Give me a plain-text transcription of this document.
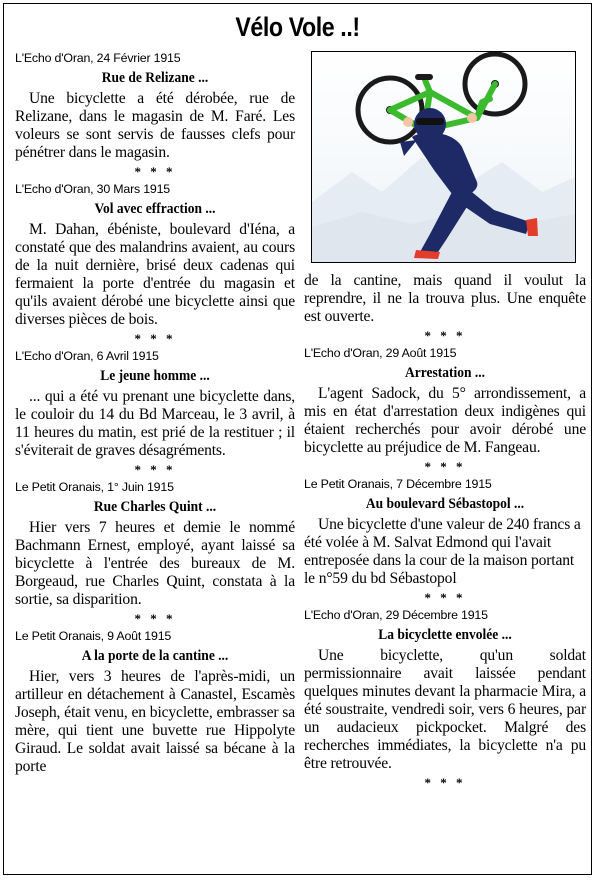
Vélo Vole ..!

L'Echo d'Oran, 24 Février 1915

Rue de Relizane ...

Une bicyclette a été dérobée, rue de Relizane, dans le magasin de M. Faré. Les voleurs se sont servis de fausses clefs pour pénétrer dans le magasin.

* * *

L'Echo d'Oran, 30 Mars 1915

Vol avec effraction ...

M. Dahan, ébéniste, boulevard d'Iéna, a constaté que des malandrins avaient, au cours de la nuit dernière, brisé deux cadenas qui fermaient la porte d'entrée du magasin et qu'ils avaient dérobé une bicyclette ainsi que diverses pièces de bois.

* * *

L'Echo d'Oran, 6 Avril 1915

Le jeune homme ...

... qui a été vu prenant une bicyclette dans, le couloir du 14 du Bd Marceau, le 3 avril, à 11 heures du matin, est prié de la restituer ; il s'éviterait de graves désagréments.

* * *

Le Petit Oranais, 1° Juin 1915

Rue Charles Quint ...

Hier vers 7 heures et demie le nommé Bachmann Ernest, employé, ayant laissé sa bicyclette à l'entrée des bureaux de M. Borgeaud, rue Charles Quint, constata à la sortie, sa disparition.

* * *

Le Petit Oranais, 9 Août 1915

A la porte de la cantine ...

Hier, vers 3 heures de l'après-midi, un artilleur en détachement à Canastel, Escamès Joseph, était venu, en bicyclette, embrasser sa mère, qui tient une buvette rue Hippolyte Giraud. Le soldat avait laissé sa bécane à la porte

de la cantine, mais quand il voulut la reprendre, il ne la trouva plus. Une enquête est ouverte.

* * *

L'Echo d'Oran, 29 Août 1915

Arrestation ...

L'agent Sadock, du 5° arrondissement, a mis en état d'arrestation deux indigènes qui étaient recherchés pour avoir dérobé une bicyclette au préjudice de M. Fangeau.

* * *

Le Petit Oranais, 7 Décembre 1915

Au boulevard Sébastopol ...

Une bicyclette d'une valeur de 240 francs a été volée à M. Salvat Edmond qui l'avait entreposée dans la cour de la maison portant le n°59 du bd Sébastopol

* * *

L'Echo d'Oran, 29 Décembre 1915

La bicyclette envolée ...

Une bicyclette, qu'un soldat permissionnaire avait laissée pendant quelques minutes devant la pharmacie Mira, a été soustraite, vendredi soir, vers 6 heures, par un audacieux pickpocket. Malgré des recherches immédiates, la bicyclette n'a pu être retrouvée.

* * *
